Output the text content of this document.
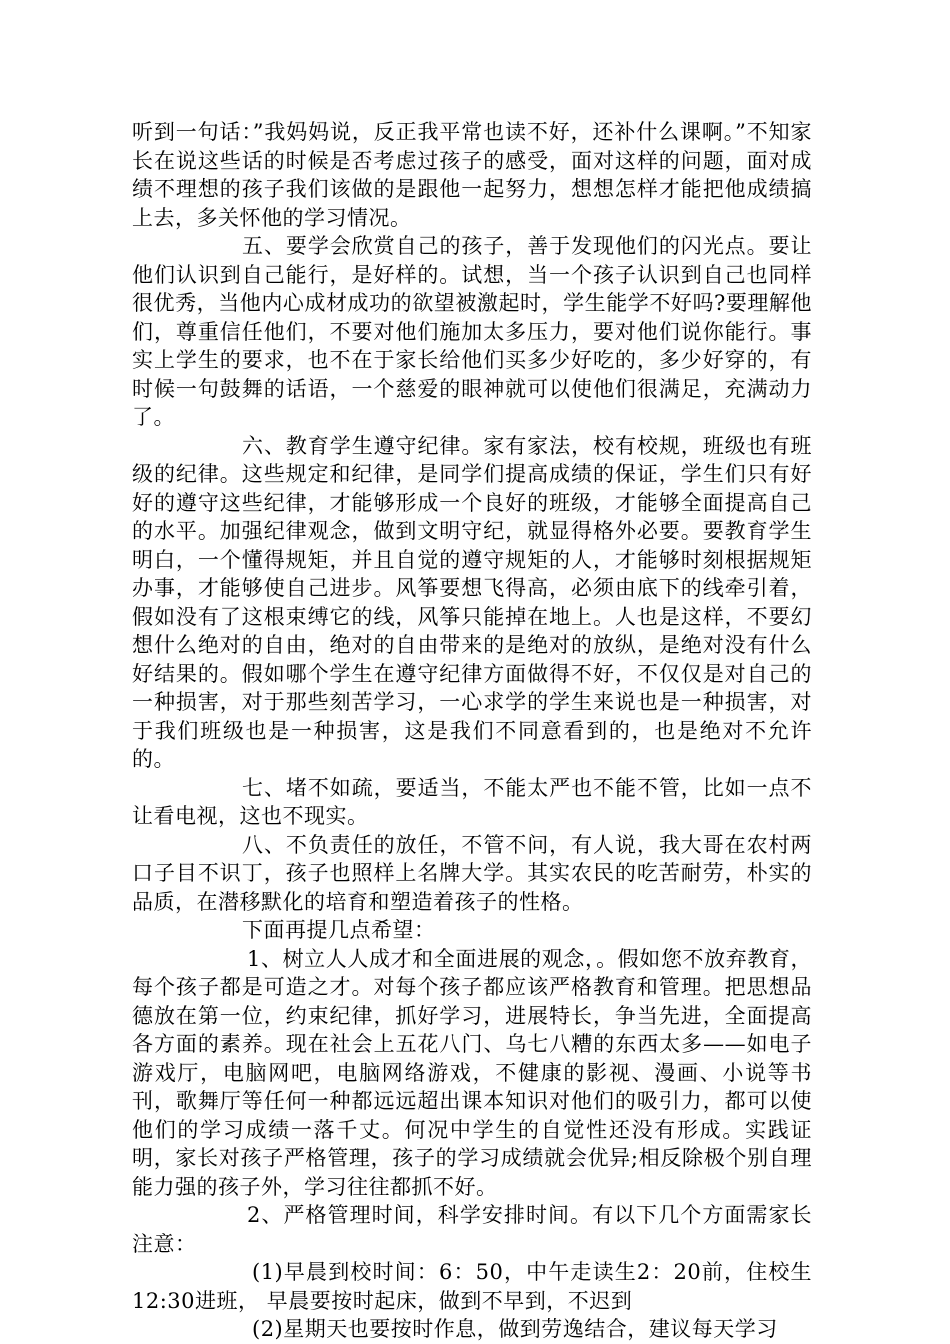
听到一句话：”我妈妈说，反正我平常也读不好，还补什么课啊。”不知家长在说这些话的时候是否考虑过孩子的感受，面对这样的问题，面对成绩不理想的孩子我们该做的是跟他一起努力，想想怎样才能把他成绩搞上去，多关怀他的学习情况。

五、要学会欣赏自己的孩子，善于发现他们的闪光点。要让他们认识到自己能行，是好样的。试想，当一个孩子认识到自己也同样很优秀，当他内心成材成功的欲望被激起时，学生能学不好吗?要理解他们，尊重信任他们，不要对他们施加太多压力，要对他们说你能行。事实上学生的要求，也不在于家长给他们买多少好吃的，多少好穿的，有时候一句鼓舞的话语，一个慈爱的眼神就可以使他们很满足，充满动力了。

六、教育学生遵守纪律。家有家法，校有校规，班级也有班级的纪律。这些规定和纪律，是同学们提高成绩的保证，学生们只有好好的遵守这些纪律，才能够形成一个良好的班级，才能够全面提高自己的水平。加强纪律观念，做到文明守纪，就显得格外必要。要教育学生明白，一个懂得规矩，并且自觉的遵守规矩的人，才能够时刻根据规矩办事，才能够使自己进步。风筝要想飞得高，必须由底下的线牵引着，假如没有了这根束缚它的线，风筝只能掉在地上。人也是这样，不要幻想什么绝对的自由，绝对的自由带来的是绝对的放纵，是绝对没有什么好结果的。假如哪个学生在遵守纪律方面做得不好，不仅仅是对自己的一种损害，对于那些刻苦学习，一心求学的学生来说也是一种损害，对于我们班级也是一种损害，这是我们不同意看到的，也是绝对不允许的。

七、堵不如疏，要适当，不能太严也不能不管，比如一点不让看电视，这也不现实。

八、不负责任的放任，不管不问，有人说，我大哥在农村两口子目不识丁，孩子也照样上名牌大学。其实农民的吃苦耐劳，朴实的品质，在潜移默化的培育和塑造着孩子的性格。

下面再提几点希望：

1、树立人人成才和全面进展的观念，。假如您不放弃教育，每个孩子都是可造之才。对每个孩子都应该严格教育和管理。把思想品德放在第一位，约束纪律，抓好学习，进展特长，争当先进，全面提高各方面的素养。现在社会上五花八门、乌七八糟的东西太多——如电子游戏厅，电脑网吧，电脑网络游戏，不健康的影视、漫画、小说等书刊，歌舞厅等任何一种都远远超出课本知识对他们的吸引力，都可以使他们的学习成绩一落千丈。何况中学生的自觉性还没有形成。实践证明，家长对孩子严格管理，孩子的学习成绩就会优异;相反除极个别自理能力强的孩子外，学习往往都抓不好。

2、严格管理时间，科学安排时间。有以下几个方面需家长注意：

(1)早晨到校时间：6：50，中午走读生2：20前，住校生12:30进班， 早晨要按时起床，做到不早到，不迟到

(2)星期天也要按时作息，做到劳逸结合，建议每天学习
